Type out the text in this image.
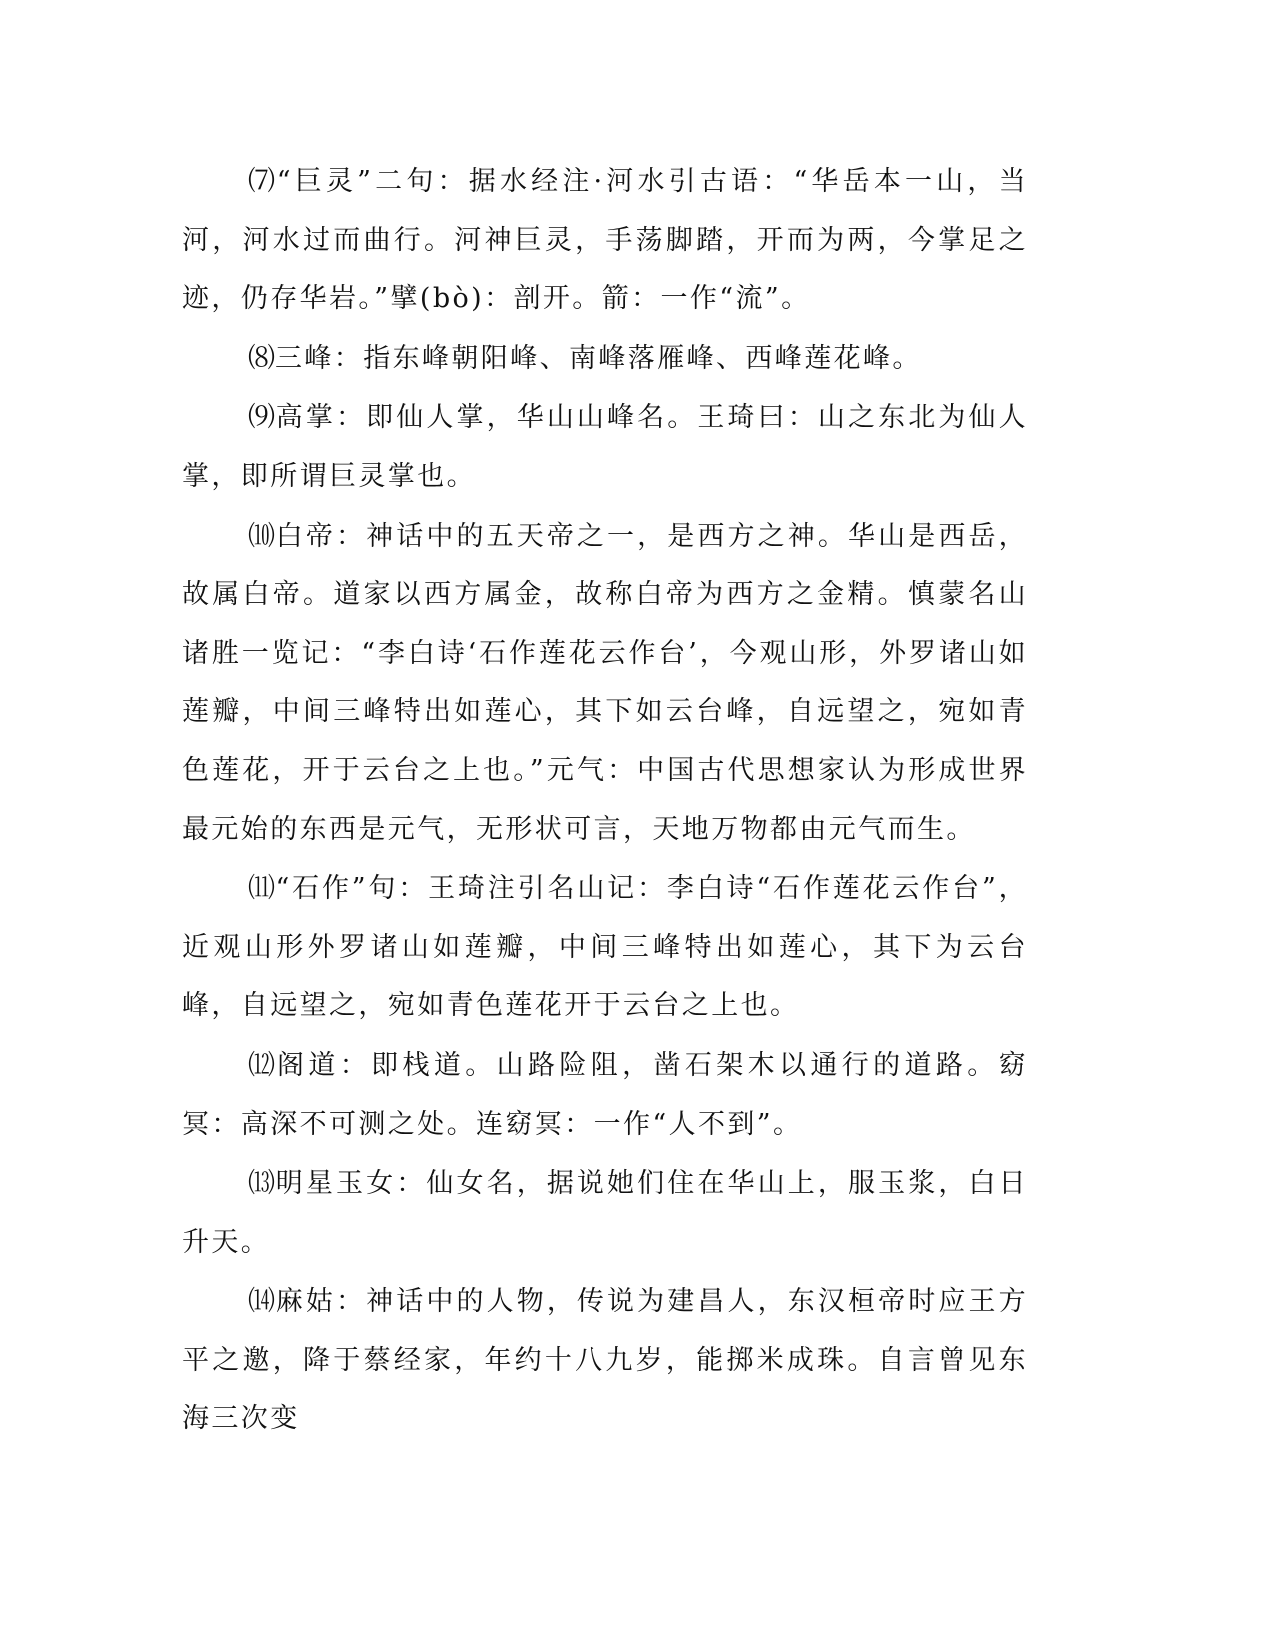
⑺“巨灵”二句：据水经注·河水引古语：“华岳本一山，当河，河水过而曲行。河神巨灵，手荡脚踏，开而为两，今掌足之迹，仍存华岩。”擘(bò)：剖开。箭：一作“流”。

⑻三峰：指东峰朝阳峰、南峰落雁峰、西峰莲花峰。

⑼高掌：即仙人掌，华山山峰名。王琦曰：山之东北为仙人掌，即所谓巨灵掌也。

⑽白帝：神话中的五天帝之一，是西方之神。华山是西岳，故属白帝。道家以西方属金，故称白帝为西方之金精。慎蒙名山诸胜一览记：“李白诗‘石作莲花云作台’，今观山形，外罗诸山如莲瓣，中间三峰特出如莲心，其下如云台峰，自远望之，宛如青色莲花，开于云台之上也。”元气：中国古代思想家认为形成世界最元始的东西是元气，无形状可言，天地万物都由元气而生。

⑾“石作”句：王琦注引名山记：李白诗“石作莲花云作台”，近观山形外罗诸山如莲瓣，中间三峰特出如莲心，其下为云台峰，自远望之，宛如青色莲花开于云台之上也。

⑿阁道：即栈道。山路险阻，凿石架木以通行的道路。窈冥：高深不可测之处。连窈冥：一作“人不到”。

⒀明星玉女：仙女名，据说她们住在华山上，服玉浆，白日升天。

⒁麻姑：神话中的人物，传说为建昌人，东汉桓帝时应王方平之邀，降于蔡经家，年约十八九岁，能掷米成珠。自言曾见东海三次变
